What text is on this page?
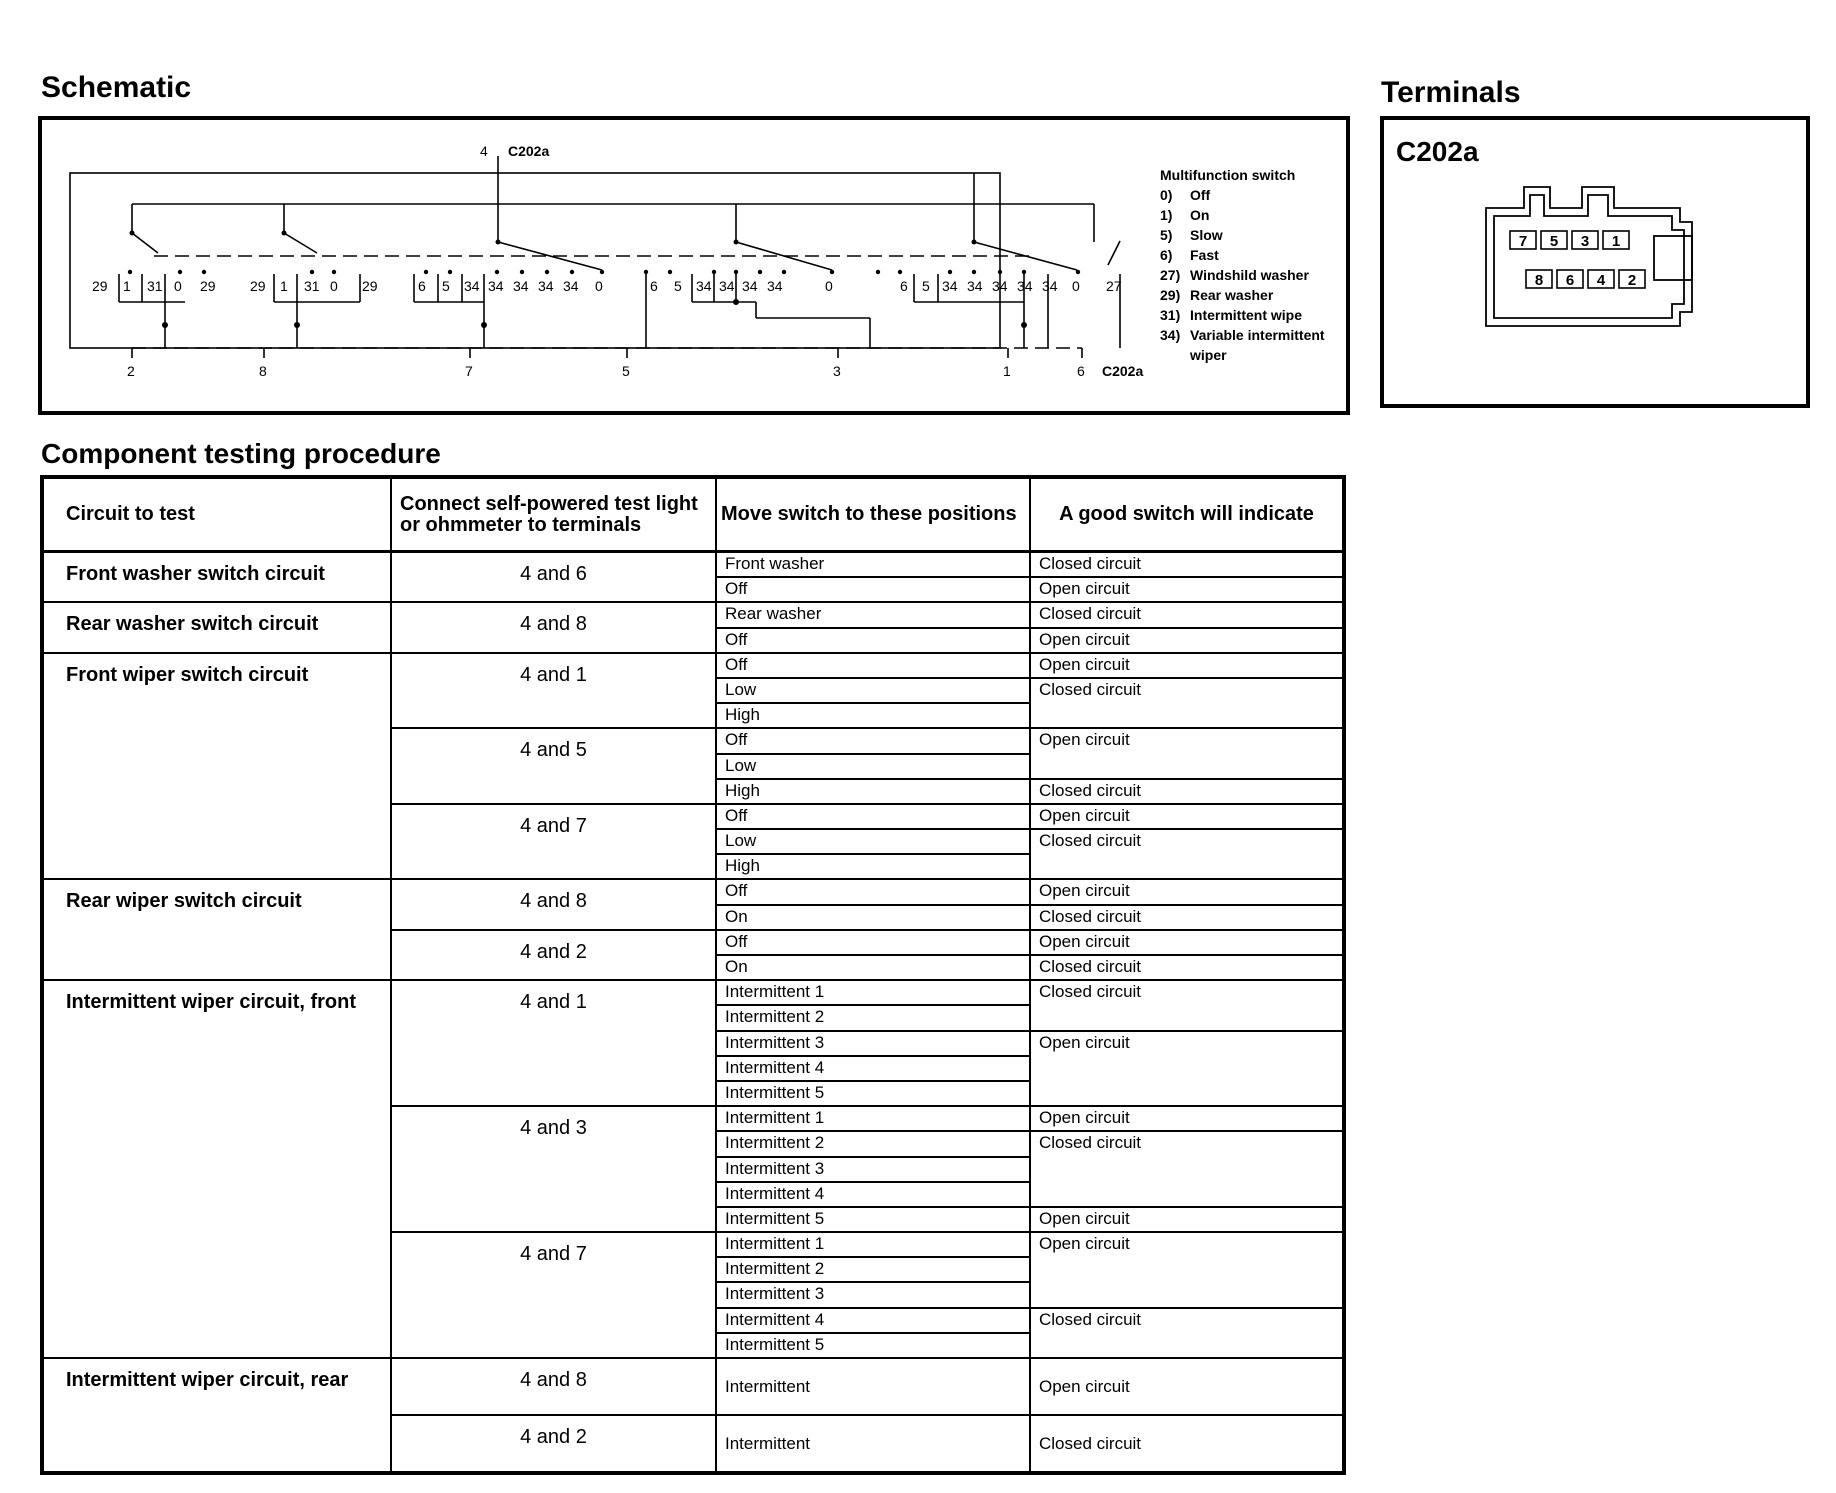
Schematic
4 C202a
29 1 31 0 29 29 1 31 0 29	6 5 34 34 34 34 34 0	6 5 34 34 34 34	0	6 5 34 34 34 34 34 0 27
2	8	7	5	3	1	6 C202a
Multifunction switch
0) Off
1) On
5) Slow
6) Fast
27) Windshild washer
29) Rear washer
31) Intermittent wipe
34) Variable intermittent
wiper
Terminals
C202a
7 5 3 1
8 6 4 2
Component testing procedure
Circuit to test	Connect self-powered test light
or ohmmeter to terminals	Move switch to these positions	A good switch will indicate
Front washer switch circuit	4 and 6	Front washer	Closed circuit
		Off	Open circuit
Rear washer switch circuit	4 and 8	Rear washer	Closed circuit
		Off	Open circuit
Front wiper switch circuit	4 and 1	Off	Open circuit
		Low	Closed circuit
		High	
	4 and 5	Off	Open circuit
		Low	
		High	Closed circuit
	4 and 7	Off	Open circuit
		Low	Closed circuit
		High	
Rear wiper switch circuit	4 and 8	Off	Open circuit
		On	Closed circuit
	4 and 2	Off	Open circuit
		On	Closed circuit
Intermittent wiper circuit, front	4 and 1	Intermittent 1	Closed circuit
		Intermittent 2	
		Intermittent 3	Open circuit
		Intermittent 4	
		Intermittent 5	
	4 and 3	Intermittent 1	Open circuit
		Intermittent 2	Closed circuit
		Intermittent 3	
		Intermittent 4	
		Intermittent 5	Open circuit
	4 and 7	Intermittent 1	Open circuit
		Intermittent 2	
		Intermittent 3	
		Intermittent 4	Closed circuit
		Intermittent 5	
Intermittent wiper circuit, rear	4 and 8	Intermittent	Open circuit
	4 and 2	Intermittent	Closed circuit
